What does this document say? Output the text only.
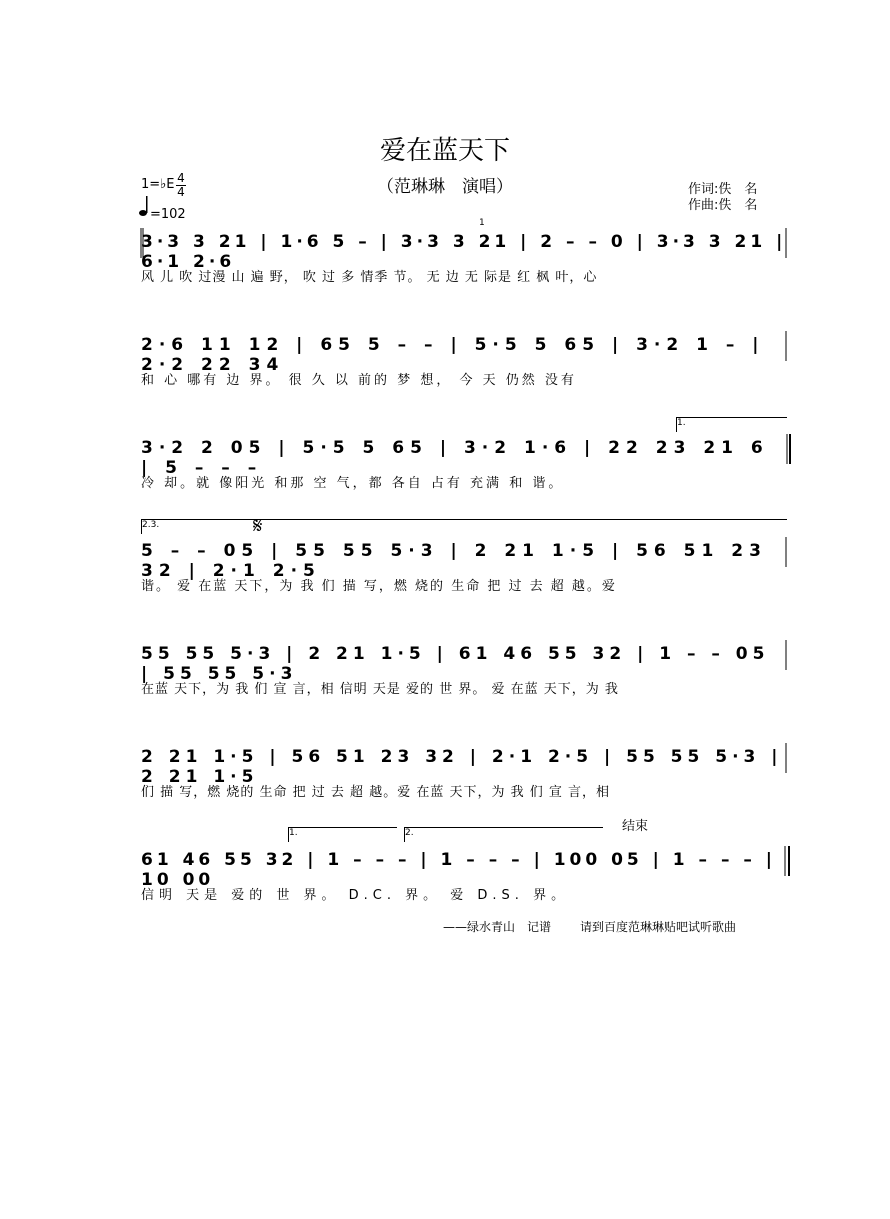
爱在蓝天下
（范琳琳　演唱）	作词:佚　名
作曲:佚　名
1=♭E 4
4
=102
结束
3·3 3 21 | 1·6 5 – | 3·3 3 21 | 2 – – 0 | 3·3 3 21 | 6·1 2·6
风 儿 吹 过漫 山 遍 野， 吹 过 多 情季 节。 无 边 无 际是 红 枫 叶，心
2·6 11 12 | 65 5 – – | 5·5 5 65 | 3·2 1 – | 2·2 22 34
和 心 哪有 边 界。 很 久 以 前的 梦 想， 今 天 仍然 没有
3·2 2 05 | 5·5 5 65 | 3·2 1·6 | 22 23 21 6 | 5 – – –
冷 却。就 像阳光 和那 空 气，都 各自 占有 充满 和 谐。
5 – – 05 | 55 55 5·3 | 2 21 1·5 | 56 51 23 32 | 2·1 2·5
谐。 爱 在蓝 天下，为 我 们 描 写，燃 烧的 生命 把 过 去 超 越。爱
55 55 5·3 | 2 21 1·5 | 61 46 55 32 | 1 – – 05 | 55 55 5·3
在蓝 天下，为 我 们 宣 言，相 信明 天是 爱的 世 界。 爱 在蓝 天下，为 我
2 21 1·5 | 56 51 23 32 | 2·1 2·5 | 55 55 5·3 | 2 21 1·5
们 描 写，燃 烧的 生命 把 过 去 超 越。爱 在蓝 天下，为 我 们 宣 言，相
61 46 55 32 | 1 – – – | 1 – – – | 100 05 | 1 – – – | 10 00
信明 天是 爱的 世 界。 D.C. 界。 爱 D.S. 界。
1.
2.3.
1.	2.
1
𝄋
——绿水青山　记谱 请到百度范琳琳贴吧试听歌曲
